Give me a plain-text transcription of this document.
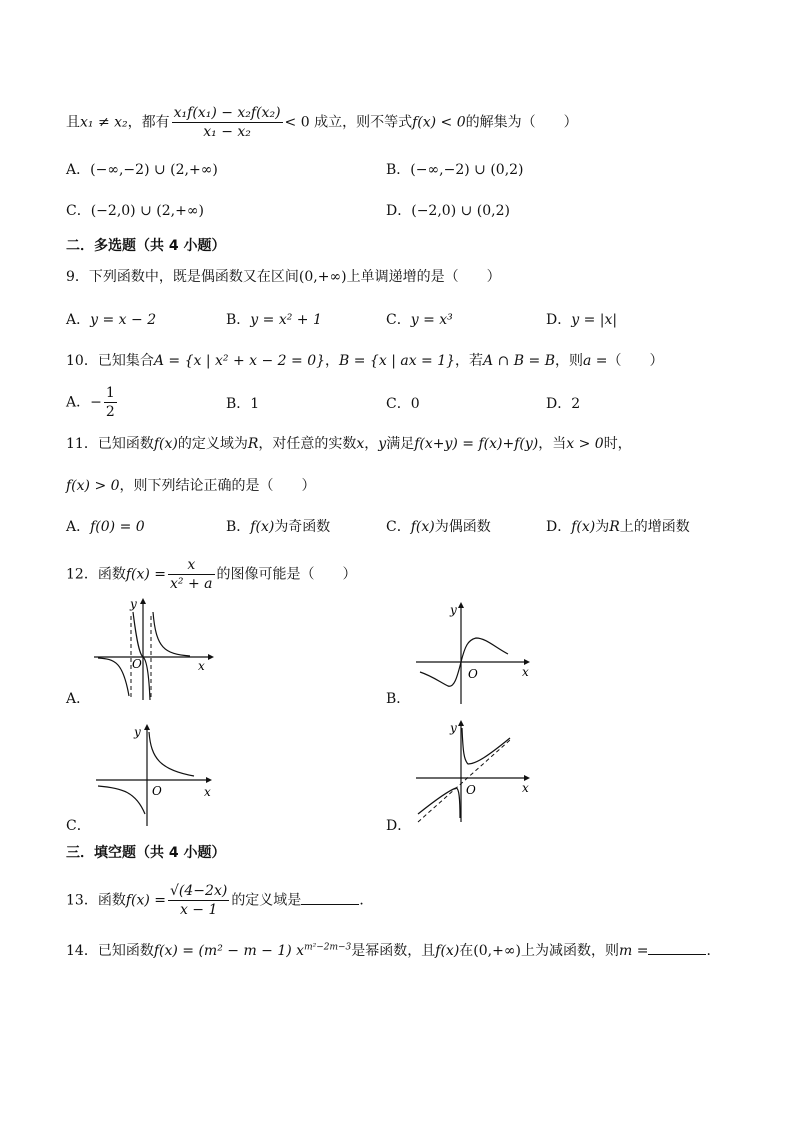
且x₁ ≠ x₂，都有 $\frac{\text{x₁f(x₁) − x₂f(x₂)}}{\text{x₁ − x₂}} < 0$ 成立，则不等式f(x) < 0的解集为（　　）
A．(−∞,−2) ∪ (2,+∞)	B．(−∞,−2) ∪ (0,2)
C．(−2,0) ∪ (2,+∞)	D．(−2,0) ∪ (0,2)
二．多选题（共 4 小题）
9．下列函数中，既是偶函数又在区间(0,+∞)上单调递增的是（　　）
A．y = x − 2	B．y = x² + 1	C．y = x³	D．y = |x|
10．已知集合A = {x | x² + x − 2 = 0}，B = {x | ax = 1}，若A ∩ B = B，则a =（　　）
A．− $\frac{1}{2}$	B．1	C．0	D．2
11．已知函数f(x)的定义域为R，对任意的实数x，y满足f(x+y) = f(x)+f(y)，当x > 0时，
f(x) > 0，则下列结论正确的是（　　）
A．f(0) = 0	B．f(x)为奇函数	C．f(x)为偶函数	D．f(x)为R上的增函数
12．函数$f(x) = \frac{x}{\text{x² + a}}$ 的图像可能是（　　）
y
x
O
A．
y
x
O
B．
y
x
O
C．
y
x
O
D．
三．填空题（共 4 小题）
13．函数$f(x) = \frac{√(4-2x)}{x - 1}$ 的定义域是	．
14．已知函数f(x) = (m² − m − 1) $x^{m^2-2m-3}$是幂函数，且f(x)在(0,+∞)上为减函数，则m =	．
